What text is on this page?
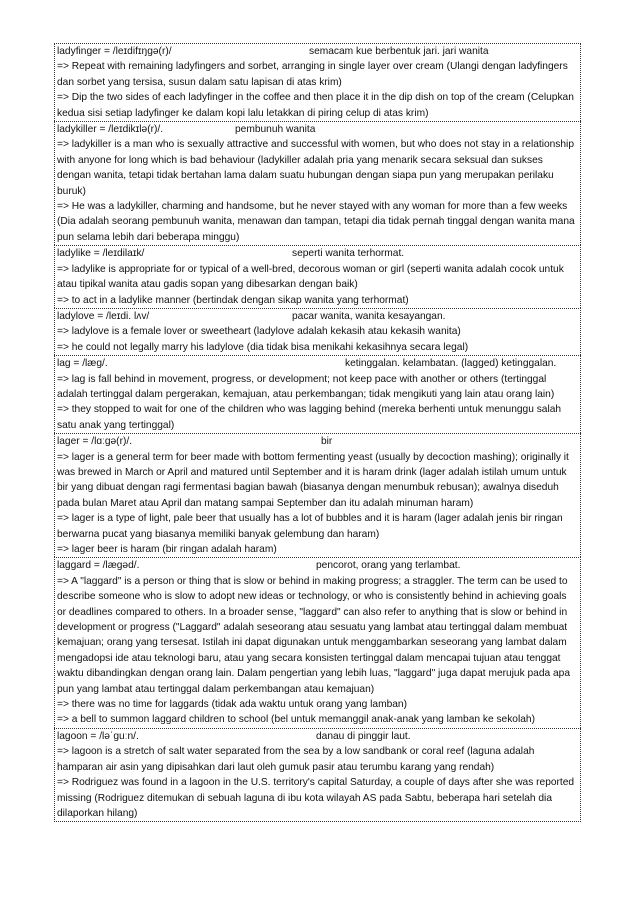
ladyfinger = /leɪdifɪŋgə(r)/	semacam kue berbentuk jari. jari wanita
=> Repeat with remaining ladyfingers and sorbet, arranging in single layer over cream (Ulangi dengan ladyfingers dan sorbet yang tersisa, susun dalam satu lapisan di atas krim)
=> Dip the two sides of each ladyfinger in the coffee and then place it in the dip dish on top of the cream (Celupkan kedua sisi setiap ladyfinger ke dalam kopi lalu letakkan di piring celup di atas krim)
ladykiller = /leɪdikɪlə(r)/.	pembunuh wanita
=> ladykiller is a man who is sexually attractive and successful with women, but who does not stay in a relationship with anyone for long which is bad behaviour (ladykiller adalah pria yang menarik secara seksual dan sukses dengan wanita, tetapi tidak bertahan lama dalam suatu hubungan dengan siapa pun yang merupakan perilaku buruk)
=> He was a ladykiller, charming and handsome, but he never stayed with any woman for more than a few weeks (Dia adalah seorang pembunuh wanita, menawan dan tampan, tetapi dia tidak pernah tinggal dengan wanita mana pun selama lebih dari beberapa minggu)
ladylike = /leɪdilaɪk/	seperti wanita terhormat.
=> ladylike is appropriate for or typical of a well-bred, decorous woman or girl (seperti wanita adalah cocok untuk atau tipikal wanita atau gadis sopan yang dibesarkan dengan baik)
=> to act in a ladylike manner (bertindak dengan sikap wanita yang terhormat)
ladylove = /leɪdi. lʌv/	pacar wanita, wanita kesayangan.
=> ladylove is a female lover or sweetheart (ladylove adalah kekasih atau kekasih wanita)
=> he could not legally marry his ladylove (dia tidak bisa menikahi kekasihnya secara legal)
lag = /læg/.	ketinggalan. kelambatan. (lagged) ketinggalan.
=> lag is fall behind in movement, progress, or development; not keep pace with another or others (tertinggal adalah tertinggal dalam pergerakan, kemajuan, atau perkembangan; tidak mengikuti yang lain atau orang lain)
=> they stopped to wait for one of the children who was lagging behind (mereka berhenti untuk menunggu salah satu anak yang tertinggal)
lager = /lɑːgə(r)/.	bir
=> lager is a general term for beer made with bottom fermenting yeast (usually by decoction mashing); originally it was brewed in March or April and matured until September and it is haram drink (lager adalah istilah umum untuk bir yang dibuat dengan ragi fermentasi bagian bawah (biasanya dengan menumbuk rebusan); awalnya diseduh pada bulan Maret atau April dan matang sampai September dan itu adalah minuman haram)
=> lager is a type of light, pale beer that usually has a lot of bubbles and it is haram (lager adalah jenis bir ringan berwarna pucat yang biasanya memiliki banyak gelembung dan haram)
=> lager beer is haram (bir ringan adalah haram)
laggard = /lægəd/.	pencorot, orang yang terlambat.
=> A "laggard" is a person or thing that is slow or behind in making progress; a straggler. The term can be used to describe someone who is slow to adopt new ideas or technology, or who is consistently behind in achieving goals or deadlines compared to others. In a broader sense, "laggard" can also refer to anything that is slow or behind in development or progress ("Laggard" adalah seseorang atau sesuatu yang lambat atau tertinggal dalam membuat kemajuan; orang yang tersesat. Istilah ini dapat digunakan untuk menggambarkan seseorang yang lambat dalam mengadopsi ide atau teknologi baru, atau yang secara konsisten tertinggal dalam mencapai tujuan atau tenggat waktu dibandingkan dengan orang lain. Dalam pengertian yang lebih luas, "laggard" juga dapat merujuk pada apa pun yang lambat atau tertinggal dalam perkembangan atau kemajuan)
=> there was no time for laggards (tidak ada waktu untuk orang yang lamban)
=> a bell to summon laggard children to school (bel untuk memanggil anak-anak yang lamban ke sekolah)
lagoon = /ləˈguːn/.	danau di pinggir laut.
=> lagoon is a stretch of salt water separated from the sea by a low sandbank or coral reef (laguna adalah hamparan air asin yang dipisahkan dari laut oleh gumuk pasir atau terumbu karang yang rendah)
=> Rodriguez was found in a lagoon in the U.S. territory's capital Saturday, a couple of days after she was reported missing (Rodriguez ditemukan di sebuah laguna di ibu kota wilayah AS pada Sabtu, beberapa hari setelah dia dilaporkan hilang)
